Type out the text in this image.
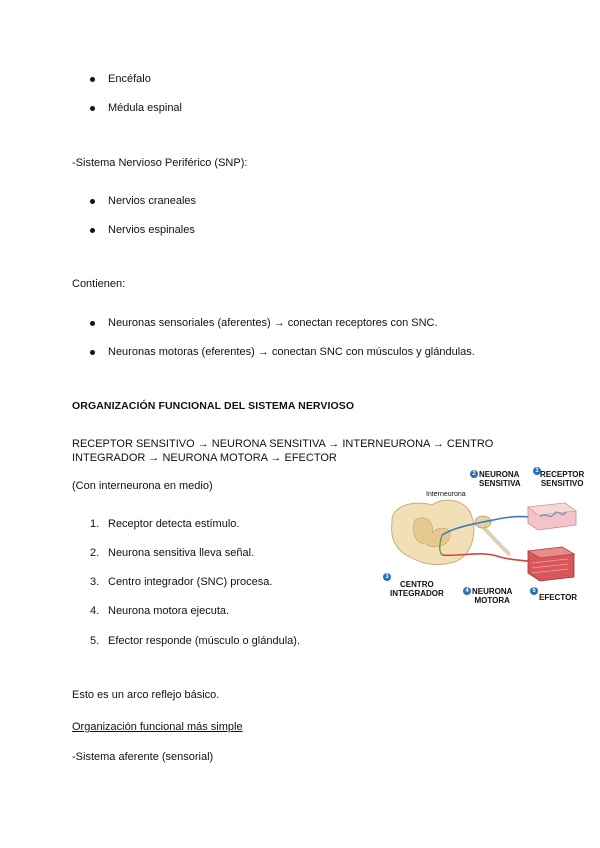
Encéfalo
Médula espinal
-Sistema Nervioso Periférico (SNP):
Nervios craneales
Nervios espinales
Contienen:
Neuronas sensoriales (aferentes) → conectan receptores con SNC.
Neuronas motoras (eferentes) → conectan SNC con músculos y glándulas.
ORGANIZACIÓN FUNCIONAL DEL SISTEMA NERVIOSO
RECEPTOR SENSITIVO → NEURONA SENSITIVA → INTERNEURONA → CENTRO
INTEGRADOR → NEURONA MOTORA → EFECTOR
(Con interneurona en medio)
1. Receptor detecta estímulo.
2. Neurona sensitiva lleva señal.
3. Centro integrador (SNC) procesa.
4. Neurona motora ejecuta.
5. Efector responde (músculo o glándula).
Esto es un arco reflejo básico.
Organización funcional más simple
-Sistema aferente (sensorial)
Interneurona
2 NEURONA
SENSITIVA
1 RECEPTOR
SENSITIVO
3
CENTRO
INTEGRADOR	4 NEURONA
MOTORA
5
EFECTOR
